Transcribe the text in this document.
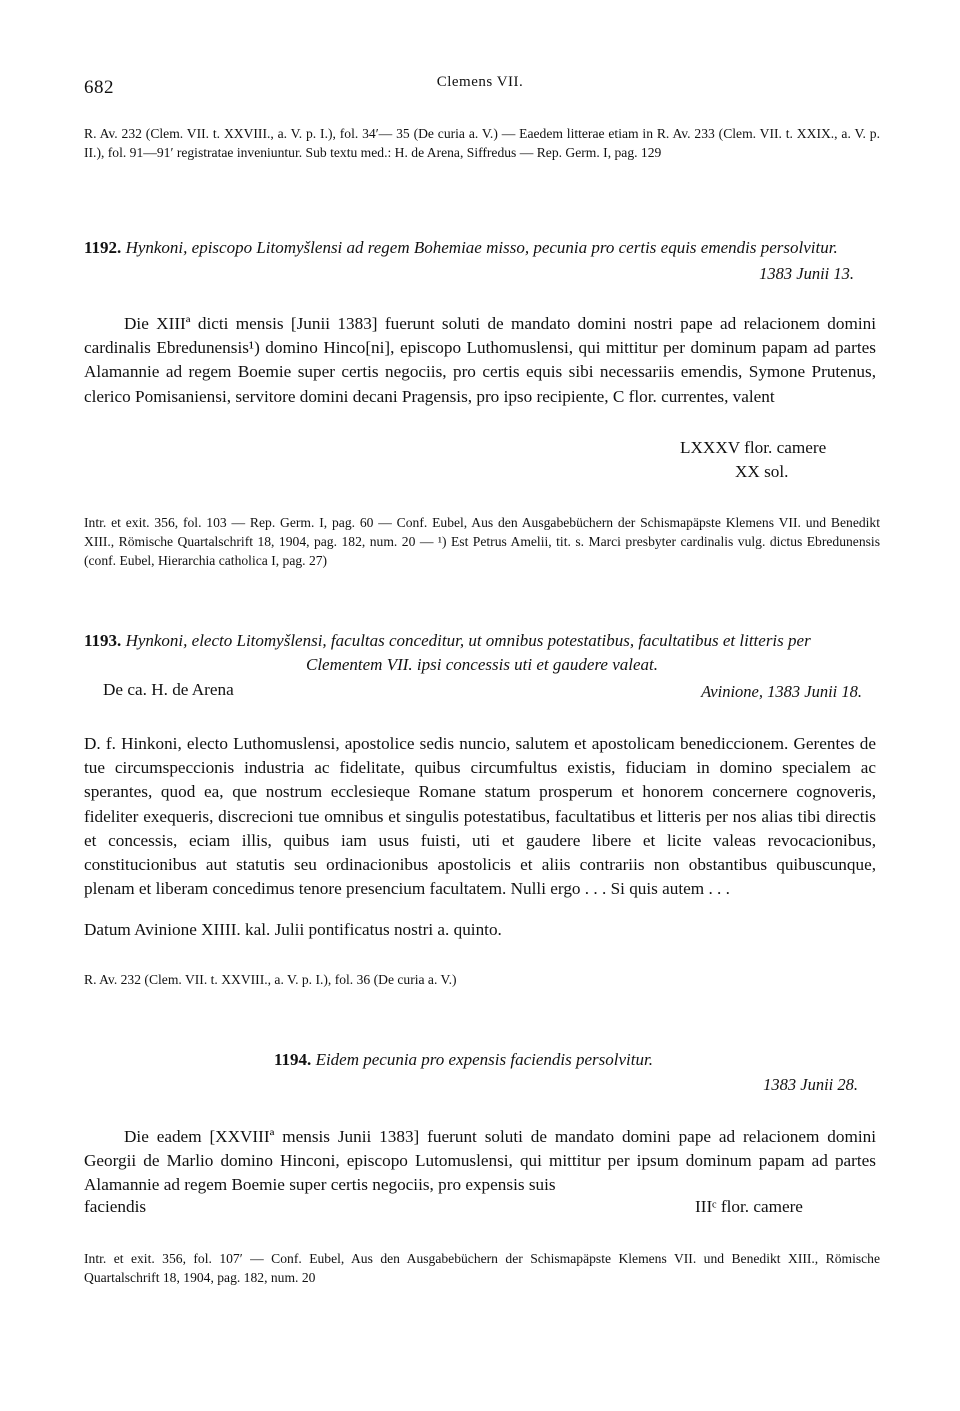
682	Clemens VII.
R. Av. 232 (Clem. VII. t. XXVIII., a. V. p. I.), fol. 34′— 35 (De curia a. V.) — Eaedem litterae etiam in R. Av. 233 (Clem. VII. t. XXIX., a. V. p. II.), fol. 91—91′ registratae inveniuntur. Sub textu med.: H. de Arena, Siffredus — Rep. Germ. I, pag. 129
1192. Hynkoni, episcopo Litomyšlensi ad regem Bohemiae misso, pecunia pro certis equis emendis persolvitur.
1383 Junii 13.
Die XIIIª dicti mensis [Junii 1383] fuerunt soluti de mandato domini nostri pape ad relacionem domini cardinalis Ebredunensis¹) domino Hinco[ni], episcopo Luthomuslensi, qui mittitur per dominum papam ad partes Alamannie ad regem Boemie super certis negociis, pro certis equis sibi necessariis emendis, Symone Prutenus, clerico Pomisaniensi, servitore domini decani Pragensis, pro ipso recipiente, C flor. currentes, valent
LXXXV flor. camere
XX sol.
Intr. et exit. 356, fol. 103 — Rep. Germ. I, pag. 60 — Conf. Eubel, Aus den Ausgabebüchern der Schismapäpste Klemens VII. und Benedikt XIII., Römische Quartalschrift 18, 1904, pag. 182, num. 20 — ¹) Est Petrus Amelii, tit. s. Marci presbyter cardinalis vulg. dictus Ebredunensis (conf. Eubel, Hierarchia catholica I, pag. 27)
1193. Hynkoni, electo Litomyšlensi, facultas conceditur, ut omnibus potestatibus, facultatibus et litteris per
Clementem VII. ipsi concessis uti et gaudere valeat.
De ca. H. de Arena	Avinione, 1383 Junii 18.
D. f. Hinkoni, electo Luthomuslensi, apostolice sedis nuncio, salutem et apostolicam benediccionem. Gerentes de tue circumspeccionis industria ac fidelitate, quibus circumfultus existis, fiduciam in domino specialem ac sperantes, quod ea, que nostrum ecclesieque Romane statum prosperum et honorem concernere cognoveris, fideliter exequeris, discrecioni tue omnibus et singulis potestatibus, facultatibus et litteris per nos alias tibi directis et concessis, eciam illis, quibus iam usus fuisti, uti et gaudere libere et licite valeas revocacionibus, constitucionibus aut statutis seu ordinacionibus apostolicis et aliis contrariis non obstantibus quibuscunque, plenam et liberam concedimus tenore presencium facultatem. Nulli ergo . . . Si quis autem . . .
Datum Avinione XIIII. kal. Julii pontificatus nostri a. quinto.
R. Av. 232 (Clem. VII. t. XXVIII., a. V. p. I.), fol. 36 (De curia a. V.)
1194. Eidem pecunia pro expensis faciendis persolvitur.
1383 Junii 28.
Die eadem [XXVIIIª mensis Junii 1383] fuerunt soluti de mandato domini pape ad relacionem domini Georgii de Marlio domino Hinconi, episcopo Lutomuslensi, qui mittitur per ipsum dominum papam ad partes Alamannie ad regem Boemie super certis negociis, pro expensis suis
faciendis	IIIᶜ flor. camere
Intr. et exit. 356, fol. 107′ — Conf. Eubel, Aus den Ausgabebüchern der Schismapäpste Klemens VII. und Benedikt XIII., Römische Quartalschrift 18, 1904, pag. 182, num. 20
